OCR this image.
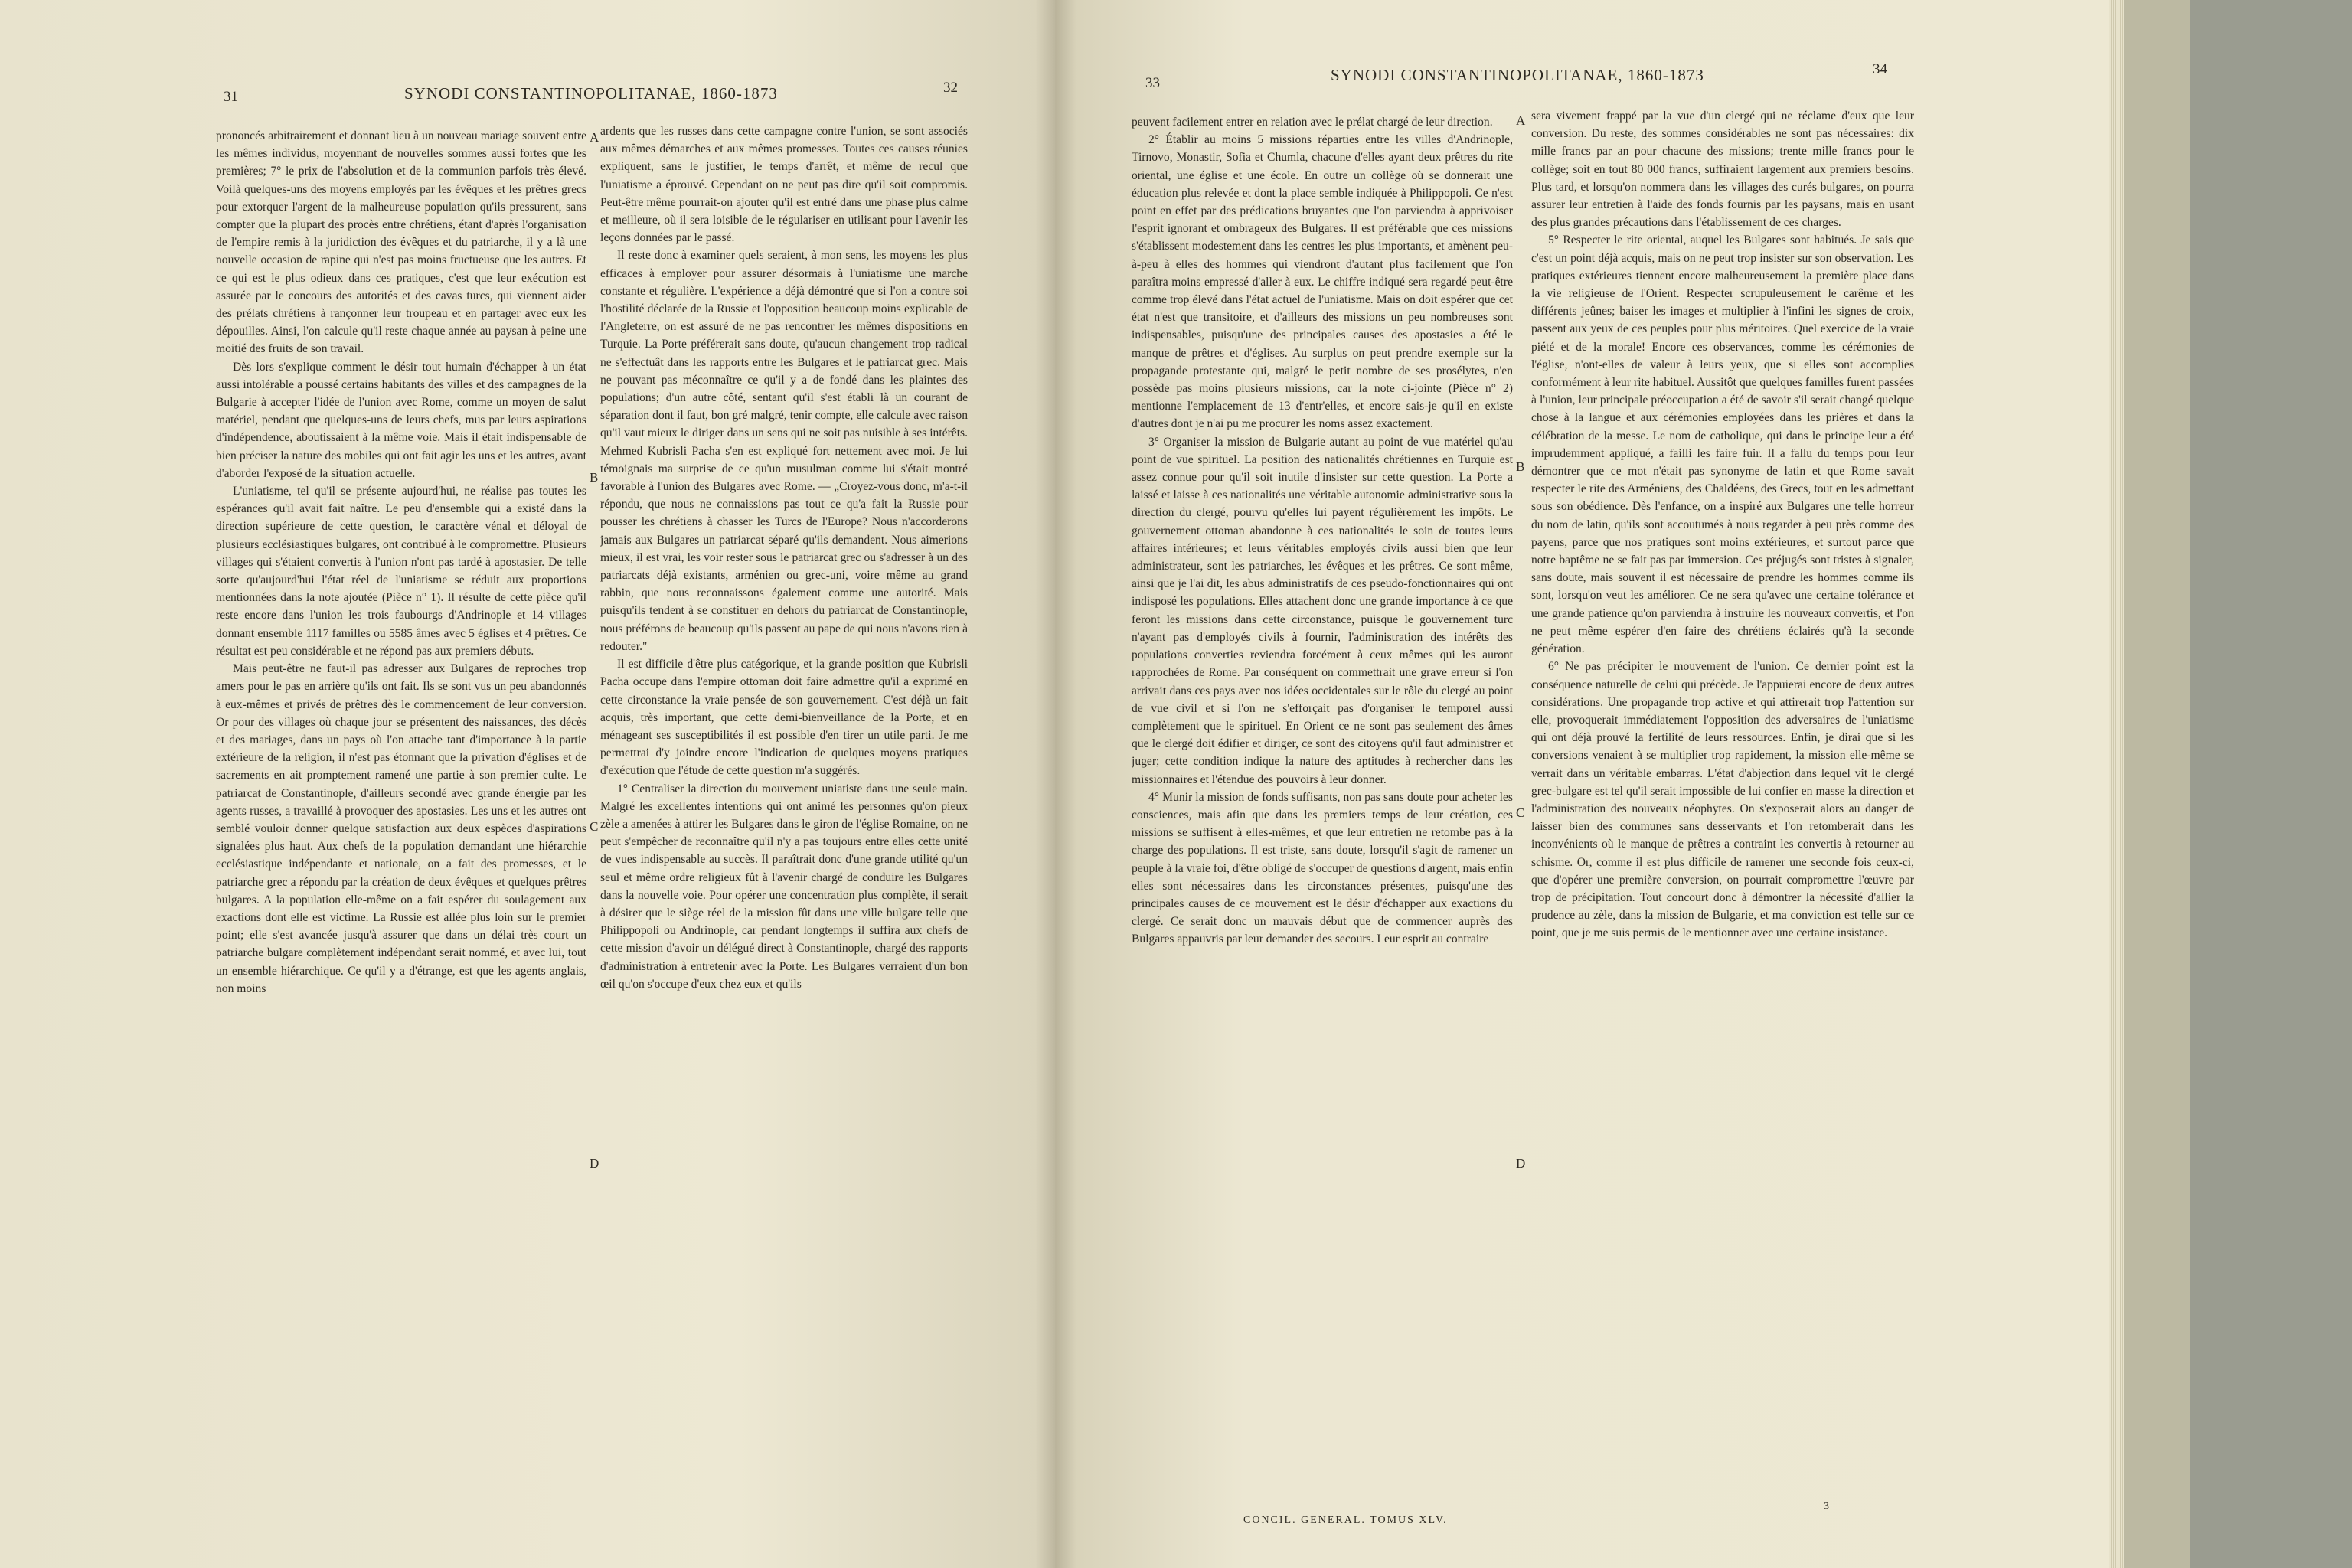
31	SYNODI CONSTANTINOPOLITANAE, 1860-1873	32

prononcés arbitrairement et donnant lieu à un nouveau mariage souvent entre les mêmes individus, moyennant de nouvelles sommes aussi fortes que les premières; 7° le prix de l'absolution et de la communion parfois très élevé. Voilà quelques-uns des moyens employés par les évêques et les prêtres grecs pour extorquer l'argent de la malheureuse population qu'ils pressurent, sans compter que la plupart des procès entre chrétiens, étant d'après l'organisation de l'empire remis à la juridiction des évêques et du patriarche, il y a là une nouvelle occasion de rapine qui n'est pas moins fructueuse que les autres. Et ce qui est le plus odieux dans ces pratiques, c'est que leur exécution est assurée par le concours des autorités et des cavas turcs, qui viennent aider des prélats chrétiens à rançonner leur troupeau et en partager avec eux les dépouilles. Ainsi, l'on calcule qu'il reste chaque année au paysan à peine une moitié des fruits de son travail.

Dès lors s'explique comment le désir tout humain d'échapper à un état aussi intolérable a poussé certains habitants des villes et des campagnes de la Bulgarie à accepter l'idée de l'union avec Rome, comme un moyen de salut matériel, pendant que quelques-uns de leurs chefs, mus par leurs aspirations d'indépendence, aboutissaient à la même voie. Mais il était indispensable de bien préciser la nature des mobiles qui ont fait agir les uns et les autres, avant d'aborder l'exposé de la situation actuelle.

L'uniatisme, tel qu'il se présente aujourd'hui, ne réalise pas toutes les espérances qu'il avait fait naître. Le peu d'ensemble qui a existé dans la direction supérieure de cette question, le caractère vénal et déloyal de plusieurs ecclésiastiques bulgares, ont contribué à le compromettre. Plusieurs villages qui s'étaient convertis à l'union n'ont pas tardé à apostasier. De telle sorte qu'aujourd'hui l'état réel de l'uniatisme se réduit aux proportions mentionnées dans la note ajoutée (Pièce n° 1). Il résulte de cette pièce qu'il reste encore dans l'union les trois faubourgs d'Andrinople et 14 villages donnant ensemble 1117 familles ou 5585 âmes avec 5 églises et 4 prêtres. Ce résultat est peu considérable et ne répond pas aux premiers débuts.

Mais peut-être ne faut-il pas adresser aux Bulgares de reproches trop amers pour le pas en arrière qu'ils ont fait. Ils se sont vus un peu abandonnés à eux-mêmes et privés de prêtres dès le commencement de leur conversion. Or pour des villages où chaque jour se présentent des naissances, des décès et des mariages, dans un pays où l'on attache tant d'importance à la partie extérieure de la religion, il n'est pas étonnant que la privation d'églises et de sacrements en ait promptement ramené une partie à son premier culte. Le patriarcat de Constantinople, d'ailleurs secondé avec grande énergie par les agents russes, a travaillé à provoquer des apostasies. Les uns et les autres ont semblé vouloir donner quelque satisfaction aux deux espèces d'aspirations signalées plus haut. Aux chefs de la population demandant une hiérarchie ecclésiastique indépendante et nationale, on a fait des promesses, et le patriarche grec a répondu par la création de deux évêques et quelques prêtres bulgares. A la population elle-même on a fait espérer du soulagement aux exactions dont elle est victime. La Russie est allée plus loin sur le premier point; elle s'est avancée jusqu'à assurer que dans un délai très court un patriarche bulgare complètement indépendant serait nommé, et avec lui, tout un ensemble hiérarchique. Ce qu'il y a d'étrange, est que les agents anglais, non moins

A
B
C
D

ardents que les russes dans cette campagne contre l'union, se sont associés aux mêmes démarches et aux mêmes promesses. Toutes ces causes réunies expliquent, sans le justifier, le temps d'arrêt, et même de recul que l'uniatisme a éprouvé. Cependant on ne peut pas dire qu'il soit compromis. Peut-être même pourrait-on ajouter qu'il est entré dans une phase plus calme et meilleure, où il sera loisible de le régulariser en utilisant pour l'avenir les leçons données par le passé.

Il reste donc à examiner quels seraient, à mon sens, les moyens les plus efficaces à employer pour assurer désormais à l'uniatisme une marche constante et régulière. L'expérience a déjà démontré que si l'on a contre soi l'hostilité déclarée de la Russie et l'opposition beaucoup moins explicable de l'Angleterre, on est assuré de ne pas rencontrer les mêmes dispositions en Turquie. La Porte préférerait sans doute, qu'aucun changement trop radical ne s'effectuât dans les rapports entre les Bulgares et le patriarcat grec. Mais ne pouvant pas méconnaître ce qu'il y a de fondé dans les plaintes des populations; d'un autre côté, sentant qu'il s'est établi là un courant de séparation dont il faut, bon gré malgré, tenir compte, elle calcule avec raison qu'il vaut mieux le diriger dans un sens qui ne soit pas nuisible à ses intérêts. Mehmed Kubrisli Pacha s'en est expliqué fort nettement avec moi. Je lui témoignais ma surprise de ce qu'un musulman comme lui s'était montré favorable à l'union des Bulgares avec Rome. — „Croyez-vous donc, m'a-t-il répondu, que nous ne connaissions pas tout ce qu'a fait la Russie pour pousser les chrétiens à chasser les Turcs de l'Europe? Nous n'accorderons jamais aux Bulgares un patriarcat séparé qu'ils demandent. Nous aimerions mieux, il est vrai, les voir rester sous le patriarcat grec ou s'adresser à un des patriarcats déjà existants, arménien ou grec-uni, voire même au grand rabbin, que nous reconnaissons également comme une autorité. Mais puisqu'ils tendent à se constituer en dehors du patriarcat de Constantinople, nous préférons de beaucoup qu'ils passent au pape de qui nous n'avons rien à redouter."

Il est difficile d'être plus catégorique, et la grande position que Kubrisli Pacha occupe dans l'empire ottoman doit faire admettre qu'il a exprimé en cette circonstance la vraie pensée de son gouvernement. C'est déjà un fait acquis, très important, que cette demi-bienveillance de la Porte, et en ménageant ses susceptibilités il est possible d'en tirer un utile parti. Je me permettrai d'y joindre encore l'indication de quelques moyens pratiques d'exécution que l'étude de cette question m'a suggérés.

1° Centraliser la direction du mouvement uniatiste dans une seule main. Malgré les excellentes intentions qui ont animé les personnes qu'on pieux zèle a amenées à attirer les Bulgares dans le giron de l'église Romaine, on ne peut s'empêcher de reconnaître qu'il n'y a pas toujours entre elles cette unité de vues indispensable au succès. Il paraîtrait donc d'une grande utilité qu'un seul et même ordre religieux fût à l'avenir chargé de conduire les Bulgares dans la nouvelle voie. Pour opérer une concentration plus complète, il serait à désirer que le siège réel de la mission fût dans une ville bulgare telle que Philippopoli ou Andrinople, car pendant longtemps il suffira aux chefs de cette mission d'avoir un délégué direct à Constantinople, chargé des rapports d'administration à entretenir avec la Porte. Les Bulgares verraient d'un bon œil qu'on s'occupe d'eux chez eux et qu'ils

33	SYNODI CONSTANTINOPOLITANAE, 1860-1873	34

peuvent facilement entrer en relation avec le prélat chargé de leur direction.

2° Établir au moins 5 missions réparties entre les villes d'Andrinople, Tirnovo, Monastir, Sofia et Chumla, chacune d'elles ayant deux prêtres du rite oriental, une église et une école. En outre un collège où se donnerait une éducation plus relevée et dont la place semble indiquée à Philippopoli. Ce n'est point en effet par des prédications bruyantes que l'on parviendra à apprivoiser l'esprit ignorant et ombrageux des Bulgares. Il est préférable que ces missions s'établissent modestement dans les centres les plus importants, et amènent peu-à-peu à elles des hommes qui viendront d'autant plus facilement que l'on paraîtra moins empressé d'aller à eux. Le chiffre indiqué sera regardé peut-être comme trop élevé dans l'état actuel de l'uniatisme. Mais on doit espérer que cet état n'est que transitoire, et d'ailleurs des missions un peu nombreuses sont indispensables, puisqu'une des principales causes des apostasies a été le manque de prêtres et d'églises. Au surplus on peut prendre exemple sur la propagande protestante qui, malgré le petit nombre de ses prosélytes, n'en possède pas moins plusieurs missions, car la note ci-jointe (Pièce n° 2) mentionne l'emplacement de 13 d'entr'elles, et encore sais-je qu'il en existe d'autres dont je n'ai pu me procurer les noms assez exactement.

3° Organiser la mission de Bulgarie autant au point de vue matériel qu'au point de vue spirituel. La position des nationalités chrétiennes en Turquie est assez connue pour qu'il soit inutile d'insister sur cette question. La Porte a laissé et laisse à ces nationalités une véritable autonomie administrative sous la direction du clergé, pourvu qu'elles lui payent régulièrement les impôts. Le gouvernement ottoman abandonne à ces nationalités le soin de toutes leurs affaires intérieures; et leurs véritables employés civils aussi bien que leur administrateur, sont les patriarches, les évêques et les prêtres. Ce sont même, ainsi que je l'ai dit, les abus administratifs de ces pseudo-fonctionnaires qui ont indisposé les populations. Elles attachent donc une grande importance à ce que feront les missions dans cette circonstance, puisque le gouvernement turc n'ayant pas d'employés civils à fournir, l'administration des intérêts des populations converties reviendra forcément à ceux mêmes qui les auront rapprochées de Rome. Par conséquent on commettrait une grave erreur si l'on arrivait dans ces pays avec nos idées occidentales sur le rôle du clergé au point de vue civil et si l'on ne s'efforçait pas d'organiser le temporel aussi complètement que le spirituel. En Orient ce ne sont pas seulement des âmes que le clergé doit édifier et diriger, ce sont des citoyens qu'il faut administrer et juger; cette condition indique la nature des aptitudes à rechercher dans les missionnaires et l'étendue des pouvoirs à leur donner.

4° Munir la mission de fonds suffisants, non pas sans doute pour acheter les consciences, mais afin que dans les premiers temps de leur création, ces missions se suffisent à elles-mêmes, et que leur entretien ne retombe pas à la charge des populations. Il est triste, sans doute, lorsqu'il s'agit de ramener un peuple à la vraie foi, d'être obligé de s'occuper de questions d'argent, mais enfin elles sont nécessaires dans les circonstances présentes, puisqu'une des principales causes de ce mouvement est le désir d'échapper aux exactions du clergé. Ce serait donc un mauvais début que de commencer auprès des Bulgares appauvris par leur demander des secours. Leur esprit au contraire

A
B
C
D

sera vivement frappé par la vue d'un clergé qui ne réclame d'eux que leur conversion. Du reste, des sommes considérables ne sont pas nécessaires: dix mille francs par an pour chacune des missions; trente mille francs pour le collège; soit en tout 80 000 francs, suffiraient largement aux premiers besoins. Plus tard, et lorsqu'on nommera dans les villages des curés bulgares, on pourra assurer leur entretien à l'aide des fonds fournis par les paysans, mais en usant des plus grandes précautions dans l'établissement de ces charges.

5° Respecter le rite oriental, auquel les Bulgares sont habitués. Je sais que c'est un point déjà acquis, mais on ne peut trop insister sur son observation. Les pratiques extérieures tiennent encore malheureusement la première place dans la vie religieuse de l'Orient. Respecter scrupuleusement le carême et les différents jeûnes; baiser les images et multiplier à l'infini les signes de croix, passent aux yeux de ces peuples pour plus méritoires. Quel exercice de la vraie piété et de la morale! Encore ces observances, comme les cérémonies de l'église, n'ont-elles de valeur à leurs yeux, que si elles sont accomplies conformément à leur rite habituel. Aussitôt que quelques familles furent passées à l'union, leur principale préoccupation a été de savoir s'il serait changé quelque chose à la langue et aux cérémonies employées dans les prières et dans la célébration de la messe. Le nom de catholique, qui dans le principe leur a été imprudemment appliqué, a failli les faire fuir. Il a fallu du temps pour leur démontrer que ce mot n'était pas synonyme de latin et que Rome savait respecter le rite des Arméniens, des Chaldéens, des Grecs, tout en les admettant sous son obédience. Dès l'enfance, on a inspiré aux Bulgares une telle horreur du nom de latin, qu'ils sont accoutumés à nous regarder à peu près comme des payens, parce que nos pratiques sont moins extérieures, et surtout parce que notre baptême ne se fait pas par immersion. Ces préjugés sont tristes à signaler, sans doute, mais souvent il est nécessaire de prendre les hommes comme ils sont, lorsqu'on veut les améliorer. Ce ne sera qu'avec une certaine tolérance et une grande patience qu'on parviendra à instruire les nouveaux convertis, et l'on ne peut même espérer d'en faire des chrétiens éclairés qu'à la seconde génération.

6° Ne pas précipiter le mouvement de l'union. Ce dernier point est la conséquence naturelle de celui qui précède. Je l'appuierai encore de deux autres considérations. Une propagande trop active et qui attirerait trop l'attention sur elle, provoquerait immédiatement l'opposition des adversaires de l'uniatisme qui ont déjà prouvé la fertilité de leurs ressources. Enfin, je dirai que si les conversions venaient à se multiplier trop rapidement, la mission elle-même se verrait dans un véritable embarras. L'état d'abjection dans lequel vit le clergé grec-bulgare est tel qu'il serait impossible de lui confier en masse la direction et l'administration des nouveaux néophytes. On s'exposerait alors au danger de laisser bien des communes sans desservants et l'on retomberait dans les inconvénients où le manque de prêtres a contraint les convertis à retourner au schisme. Or, comme il est plus difficile de ramener une seconde fois ceux-ci, que d'opérer une première conversion, on pourrait compromettre l'œuvre par trop de précipitation. Tout concourt donc à démontrer la nécessité d'allier la prudence au zèle, dans la mission de Bulgarie, et ma conviction est telle sur ce point, que je me suis permis de le mentionner avec une certaine insistance.

CONCIL. GENERAL. TOMUS XLV.
3
